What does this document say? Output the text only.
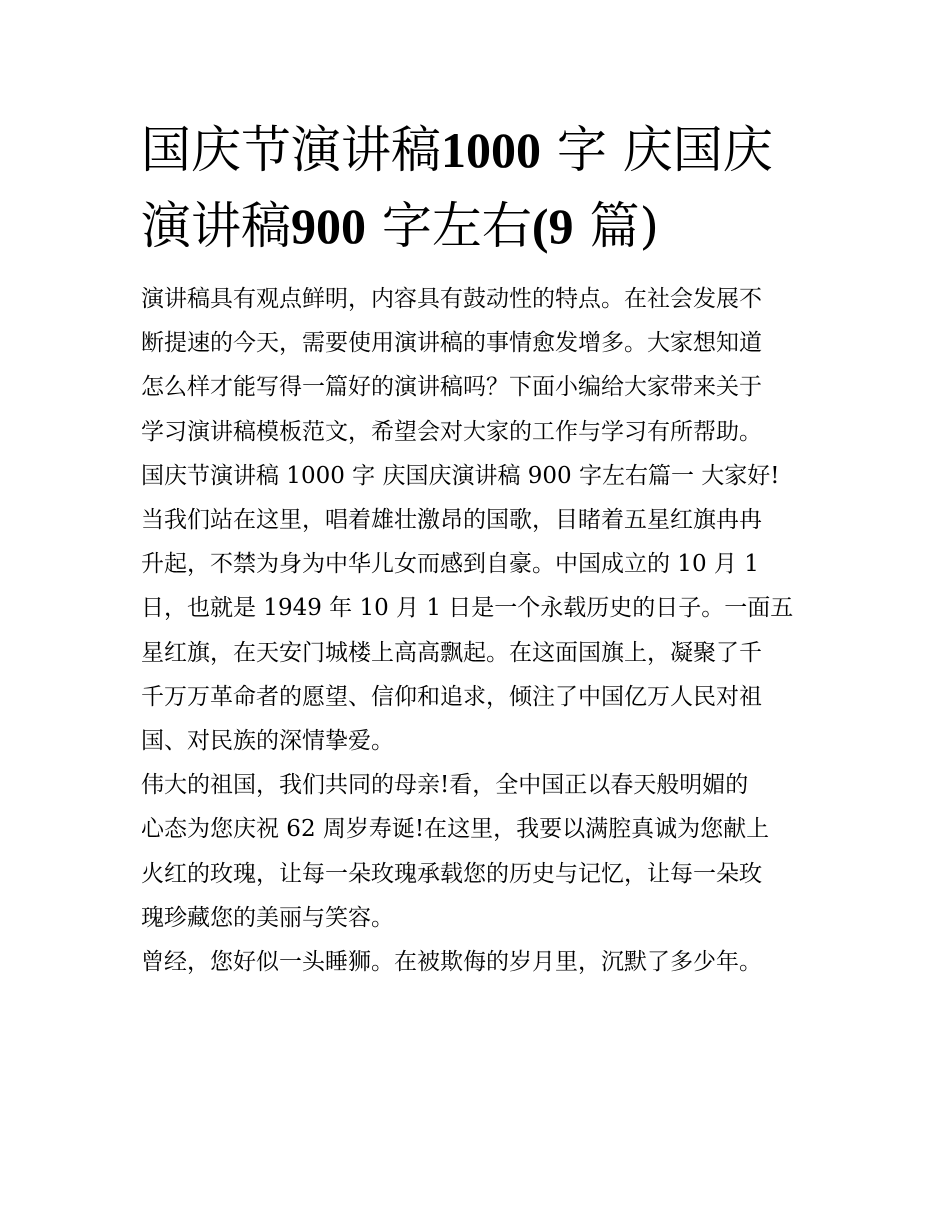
国庆节演讲稿1000 字 庆国庆
演讲稿900 字左右(9 篇)

演讲稿具有观点鲜明，内容具有鼓动性的特点。在社会发展不
断提速的今天，需要使用演讲稿的事情愈发增多。大家想知道
怎么样才能写得一篇好的演讲稿吗？下面小编给大家带来关于
学习演讲稿模板范文，希望会对大家的工作与学习有所帮助。
国庆节演讲稿 1000 字 庆国庆演讲稿 900 字左右篇一 大家好!
当我们站在这里，唱着雄壮激昂的国歌，目睹着五星红旗冉冉
升起，不禁为身为中华儿女而感到自豪。中国成立的 10 月 1
日，也就是 1949 年 10 月 1 日是一个永载历史的日子。一面五
星红旗，在天安门城楼上高高飘起。在这面国旗上，凝聚了千
千万万革命者的愿望、信仰和追求，倾注了中国亿万人民对祖
国、对民族的深情挚爱。

伟大的祖国，我们共同的母亲!看，全中国正以春天般明媚的
心态为您庆祝 62 周岁寿诞!在这里，我要以满腔真诚为您献上
火红的玫瑰，让每一朵玫瑰承载您的历史与记忆，让每一朵玫
瑰珍藏您的美丽与笑容。

曾经，您好似一头睡狮。在被欺侮的岁月里，沉默了多少年。
